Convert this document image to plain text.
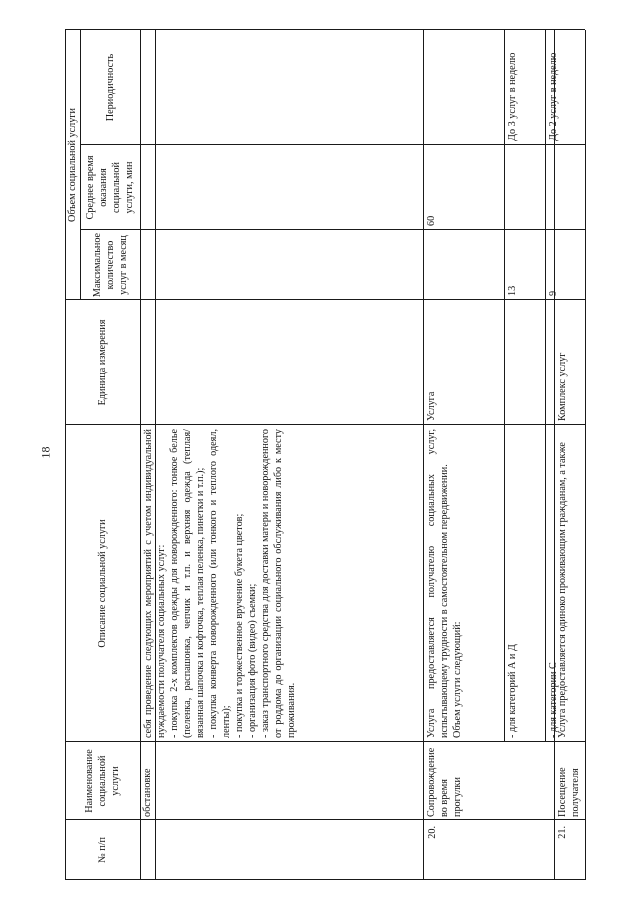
18
№ п/п
Наименование социальной услуги
Описание социальной услуги
Объем социальной услуги
Единица измерения
Максимальное количество услуг в месяц
Среднее время оказания социальной услуги, мин
Периодичность
обстановке

себя проведение следующих мероприятий с учетом индивидуальной нуждаемости получателя социальных услуг: - покупка 2-х комплектов одежды для новорожденного: тонкое белье (пеленка, распашонка, чепчик и т.п. и верхняя одежда (теплая/вязанная шапочка и кофточка, теплая пеленка, пинетки и т.п.); - покупка конверта новорожденного (или тонкого и теплого одеял, ленты); - покупка и торжественное вручение букета цветов; - организация фото (видео) съемки; - заказ транспортного средства для доставки матери и новорожденного от роддома до организации социального обслуживания либо к месту проживания.

20.
Сопровождение во время прогулки

Услуга предоставляется получателю социальных услуг, испытывающему трудности в самостоятельном передвижении. Объем услуги следующий:

Услуга
60
- для категорий А и Д
13
До 3 услуг в неделю
- для категории С
9
До 2 услуг в неделю
21.
Посещение получателя
Услуга предоставляется одиноко проживающим гражданам, а также
Комплекс услуг
